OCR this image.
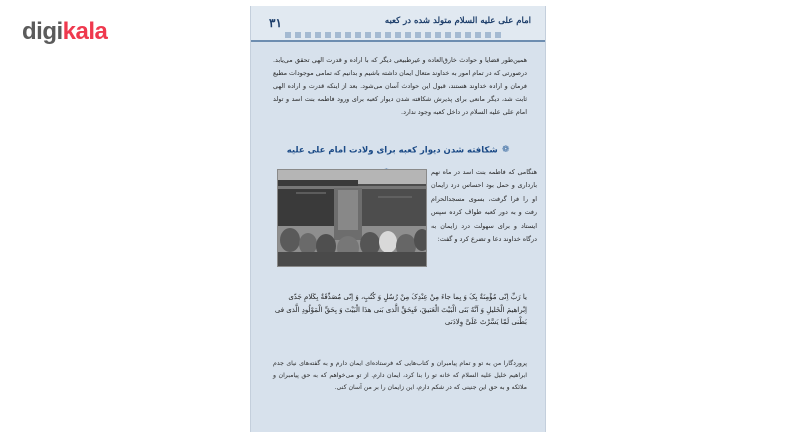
digikala	۳۱	امام علی علیه السلام متولد شده در کعبه
همین‌طور قضایا و حوادث خارق‌العاده و غیرطبیعی دیگر که با اراده و قدرت الهی تحقق می‌یابد. درصورتی که در تمام امور به خداوند متعال ایمان داشته باشیم و بدانیم که تمامی موجودات مطیع فرمان و اراده خداوند هستند، قبول این حوادث آسان می‌شود. بعد از اینکه قدرت و اراده الهی ثابت شد، دیگر مانعی برای پذیرش شکافته شدن دیوار کعبه برای ورود فاطمه بنت اسد و تولد امام علی علیه السلام در داخل کعبه وجود ندارد.
❁شکافته شدن دیوار کعبه برای ولادت امام علی علیه
هنگامی که فاطمه بنت اسد در ماه نهم بارداری و حمل بود احساس درد زایمان او را فرا گرفت، بسوی مسجدالحرام رفت و به دور کعبه طواف کرده سپس ایستاد و برای سهولت درد زایمان به درگاه خداوند دعا و تضرع کرد و گفت:
یا رَبِّ اِنّی مُؤْمِنَةٌ بِکَ وَ بِما جاءَ مِنْ عِنْدِکَ مِنْ رُسُلٍ وَ کُتُبٍ، وَ اِنّی مُصَدِّقَةٌ بِکَلامِ جَدّی اِبْراهیمَ الْخَلیلِ وَ اَنَّهُ بَنَی الْبَیْتَ الْعَتیقَ، فَبِحَقِّ الَّذی بَنی هذَا الْبَیْتَ وَ بِحَقِّ الْمَوْلُودِ الَّذی فی بَطْنی لَمّا یَسَّرْتَ عَلَیَّ وِلادَتی
پروردگارا من به تو و تمام پیامبران و کتاب‌هایی که فرستاده‌ای ایمان دارم و به گفته‌های نیای جدم ابراهیم خلیل علیه السلام که خانه تو را بنا کرد، ایمان دارم. از تو می‌خواهم که به حق پیامبران و ملائکه و به حق این جنینی که در شکم دارم، این زایمان را بر من آسان کنی.
